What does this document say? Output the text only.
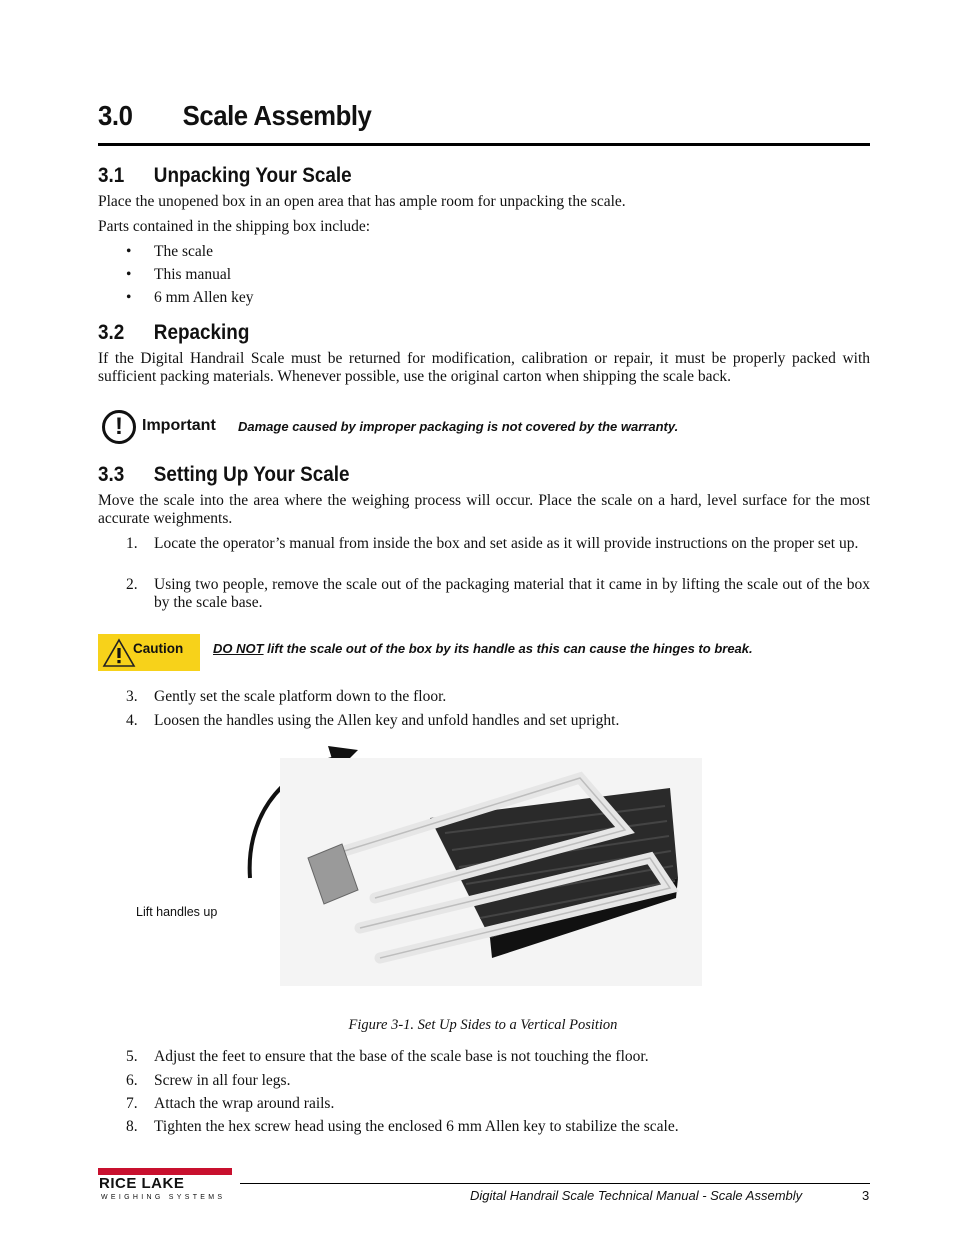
3.0 Scale Assembly
3.1 Unpacking Your Scale
Place the unopened box in an open area that has ample room for unpacking the scale.
Parts contained in the shipping box include:
• The scale
• This manual
• 6 mm Allen key
3.2 Repacking
If the Digital Handrail Scale must be returned for modification, calibration or repair, it must be properly packed with sufficient packing materials. Whenever possible, use the original carton when shipping the scale back.
!	Important Damage caused by improper packaging is not covered by the warranty.
3.3 Setting Up Your Scale
Move the scale into the area where the weighing process will occur. Place the scale on a hard, level surface for the most accurate weighments.
1. Locate the operator’s manual from inside the box and set aside as it will provide instructions on the proper set up.
2. Using two people, remove the scale out of the packaging material that it came in by lifting the scale out of the box by the scale base.
Caution DO NOT lift the scale out of the box by its handle as this can cause the hinges to break.
3. Gently set the scale platform down to the floor.
4. Loosen the handles using the Allen key and unfold handles and set upright.
Lift handles up
Figure 3-1. Set Up Sides to a Vertical Position
5. Adjust the feet to ensure that the base of the scale base is not touching the floor.
6. Screw in all four legs.
7. Attach the wrap around rails.
8. Tighten the hex screw head using the enclosed 6 mm Allen key to stabilize the scale.
RICE LAKE
WEIGHING SYSTEMS	Digital Handrail Scale Technical Manual - Scale Assembly	3
